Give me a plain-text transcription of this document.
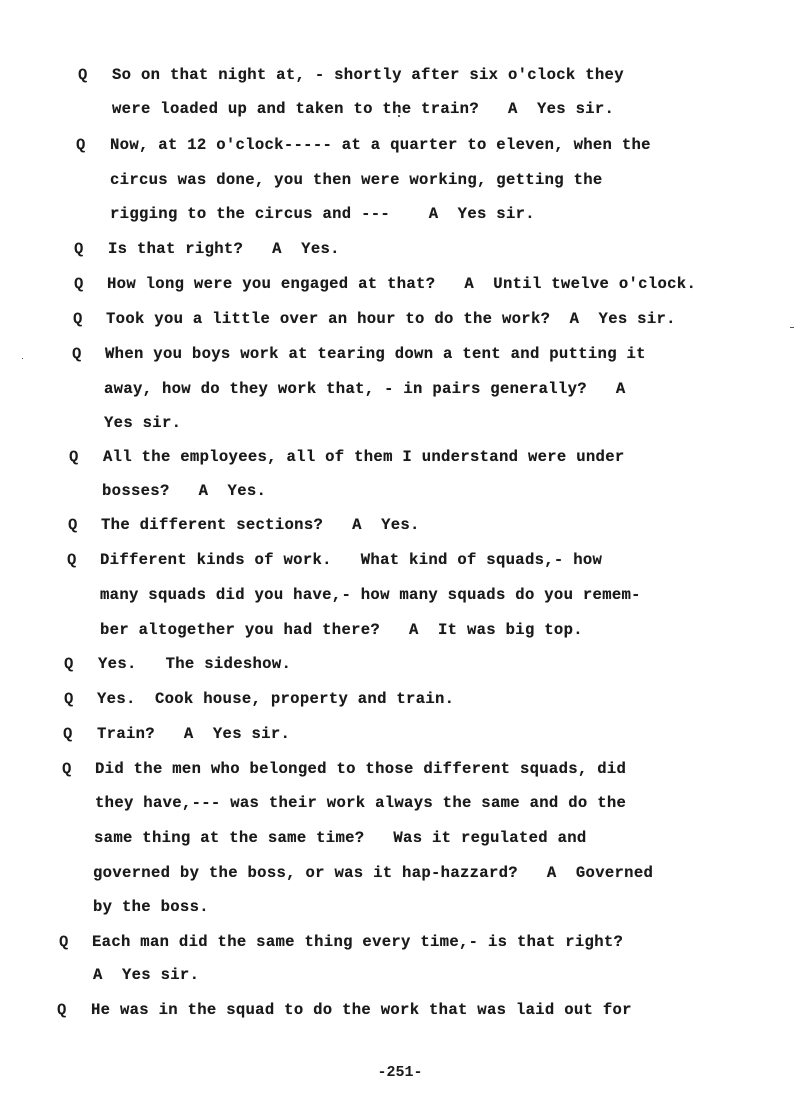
-251-
Q So on that night at, - shortly after six o'clock they
were loaded up and taken to the train?   A  Yes sir.
Q Now, at 12 o'clock----- at a quarter to eleven, when the
circus was done, you then were working, getting the
rigging to the circus and ---    A  Yes sir.
Q Is that right?   A  Yes.
Q How long were you engaged at that?   A  Until twelve o'clock.
Q Took you a little over an hour to do the work?  A  Yes sir.
Q When you boys work at tearing down a tent and putting it
away, how do they work that, - in pairs generally?   A
Yes sir.
Q All the employees, all of them I understand were under
bosses?   A  Yes.
Q The different sections?   A  Yes.
Q Different kinds of work.   What kind of squads,- how
many squads did you have,- how many squads do you remem-
ber altogether you had there?   A  It was big top.
Q Yes.   The sideshow.
Q Yes.  Cook house, property and train.
Q Train?   A  Yes sir.
Q Did the men who belonged to those different squads, did
they have,--- was their work always the same and do the
same thing at the same time?   Was it regulated and
governed by the boss, or was it hap-hazzard?   A  Governed
by the boss.
Q Each man did the same thing every time,- is that right?
A  Yes sir.
Q He was in the squad to do the work that was laid out for
